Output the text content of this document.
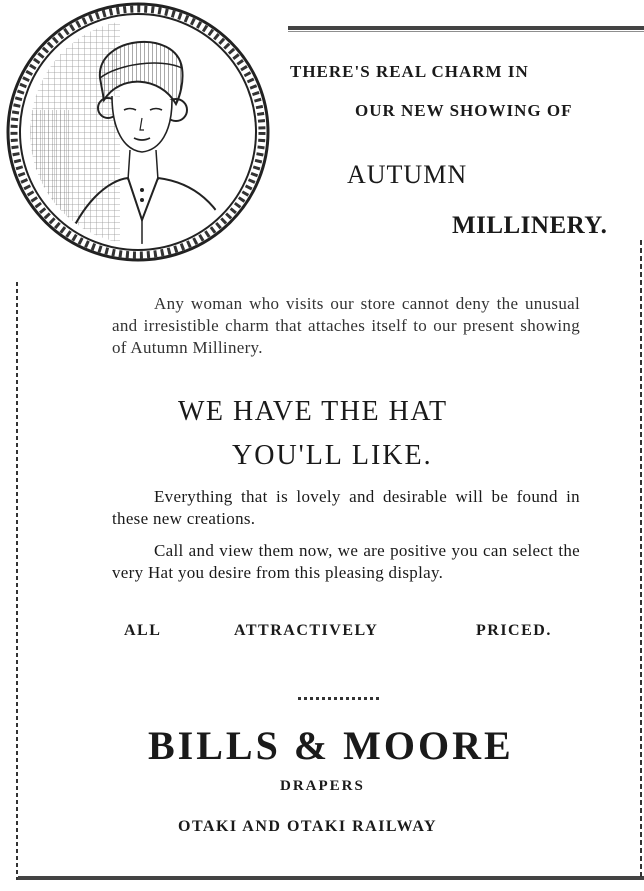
THERE'S REAL CHARM IN
OUR NEW SHOWING OF
AUTUMN
MILLINERY.
Any woman who visits our store cannot deny the unusual and irresistible charm that attaches itself to our present showing of Autumn Millinery.
WE HAVE THE HAT
YOU'LL LIKE.
Everything that is lovely and desirable will be found in these new creations.
Call and view them now, we are positive you can select the very Hat you desire from this pleasing display.
ALL	ATTRACTIVELY	PRICED.
BILLS & MOORE
DRAPERS
OTAKI AND OTAKI RAILWAY
